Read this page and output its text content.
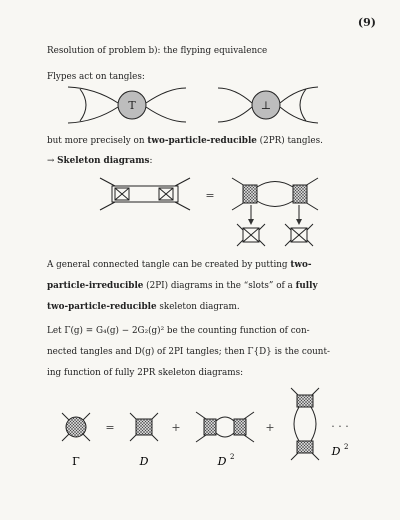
(9)
Resolution of problem b): the flyping equivalence
Flypes act on tangles:
but more precisely on two-particle-reducible (2PR) tangles.
→ Skeleton diagrams:
A general connected tangle can be created by putting two-
particle-irreducible (2PI) diagrams in the “slots” of a fully
two-particle-reducible skeleton diagram.
Let Γ(g) = G₄(g) − 2G₂(g)² be the counting function of con-
nected tangles and D(g) of 2PI tangles; then Γ{D} is the count-
ing function of fully 2PR skeleton diagrams:
T	⊥
=
=	+	+	· · ·
Γ	D	D 2	D 2
